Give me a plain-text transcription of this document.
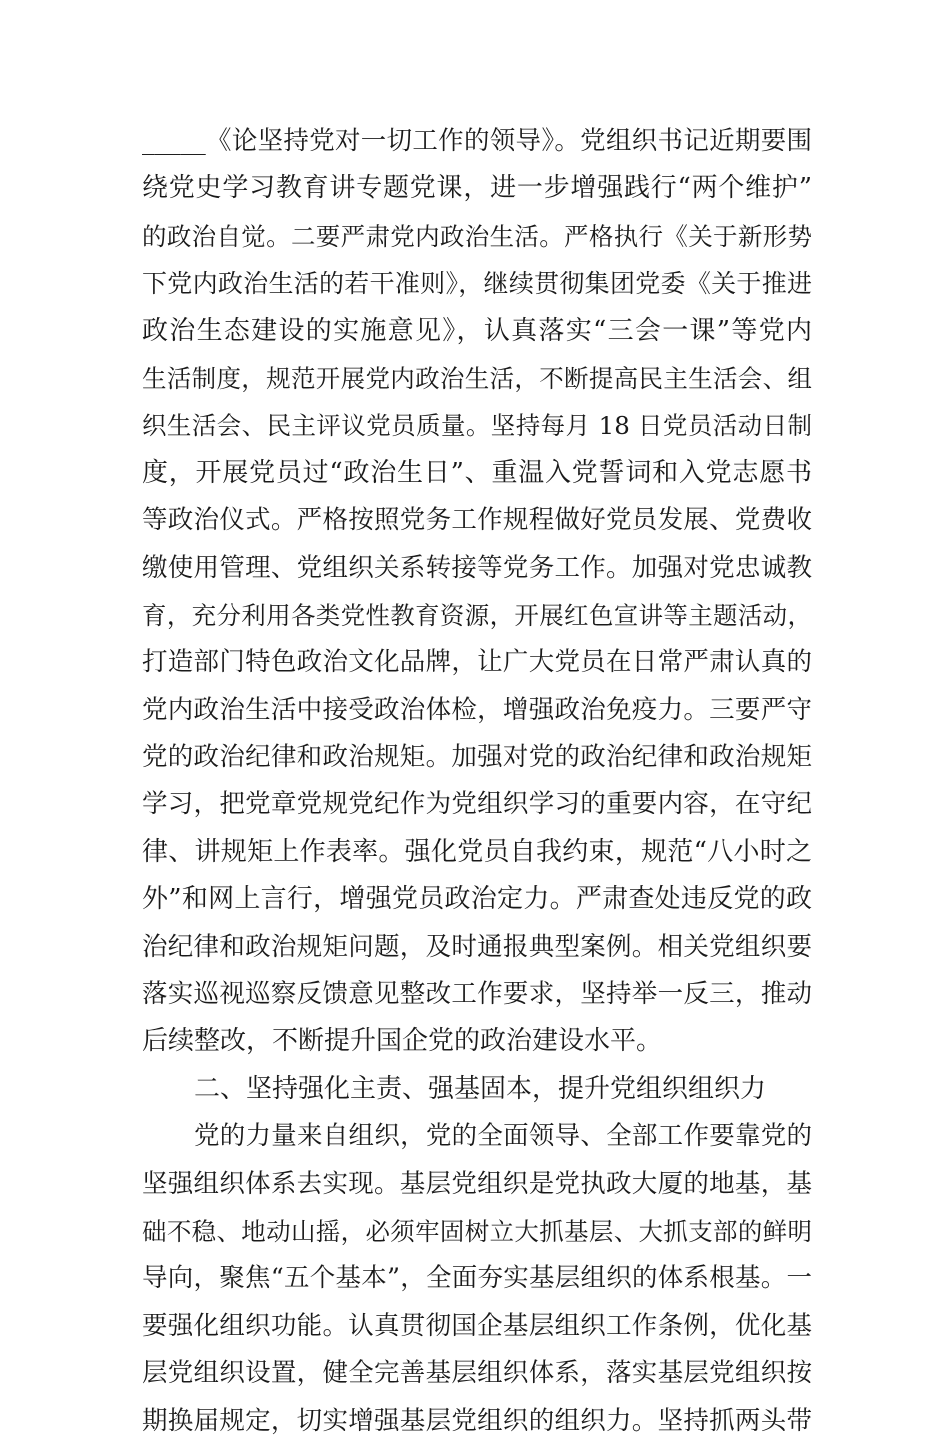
_____《论坚持党对一切工作的领导》。党组织书记近期要围
绕党史学习教育讲专题党课，进一步增强践行“两个维护”
的政治自觉。二要严肃党内政治生活。严格执行《关于新形势
下党内政治生活的若干准则》，继续贯彻集团党委《关于推进
政治生态建设的实施意见》，认真落实“三会一课”等党内
生活制度，规范开展党内政治生活，不断提高民主生活会、组
织生活会、民主评议党员质量。坚持每月 18 日党员活动日制
度，开展党员过“政治生日”、重温入党誓词和入党志愿书
等政治仪式。严格按照党务工作规程做好党员发展、党费收
缴使用管理、党组织关系转接等党务工作。加强对党忠诚教
育，充分利用各类党性教育资源，开展红色宣讲等主题活动，
打造部门特色政治文化品牌，让广大党员在日常严肃认真的
党内政治生活中接受政治体检，增强政治免疫力。三要严守
党的政治纪律和政治规矩。加强对党的政治纪律和政治规矩
学习，把党章党规党纪作为党组织学习的重要内容，在守纪
律、讲规矩上作表率。强化党员自我约束，规范“八小时之
外”和网上言行，增强党员政治定力。严肃查处违反党的政
治纪律和政治规矩问题，及时通报典型案例。相关党组织要
落实巡视巡察反馈意见整改工作要求，坚持举一反三，推动
后续整改，不断提升国企党的政治建设水平。
二、坚持强化主责、强基固本，提升党组织组织力
党的力量来自组织，党的全面领导、全部工作要靠党的
坚强组织体系去实现。基层党组织是党执政大厦的地基，基
础不稳、地动山摇，必须牢固树立大抓基层、大抓支部的鲜明
导向，聚焦“五个基本”，全面夯实基层组织的体系根基。一
要强化组织功能。认真贯彻国企基层组织工作条例，优化基
层党组织设置，健全完善基层组织体系，落实基层党组织按
期换届规定，切实增强基层党组织的组织力。坚持抓两头带
